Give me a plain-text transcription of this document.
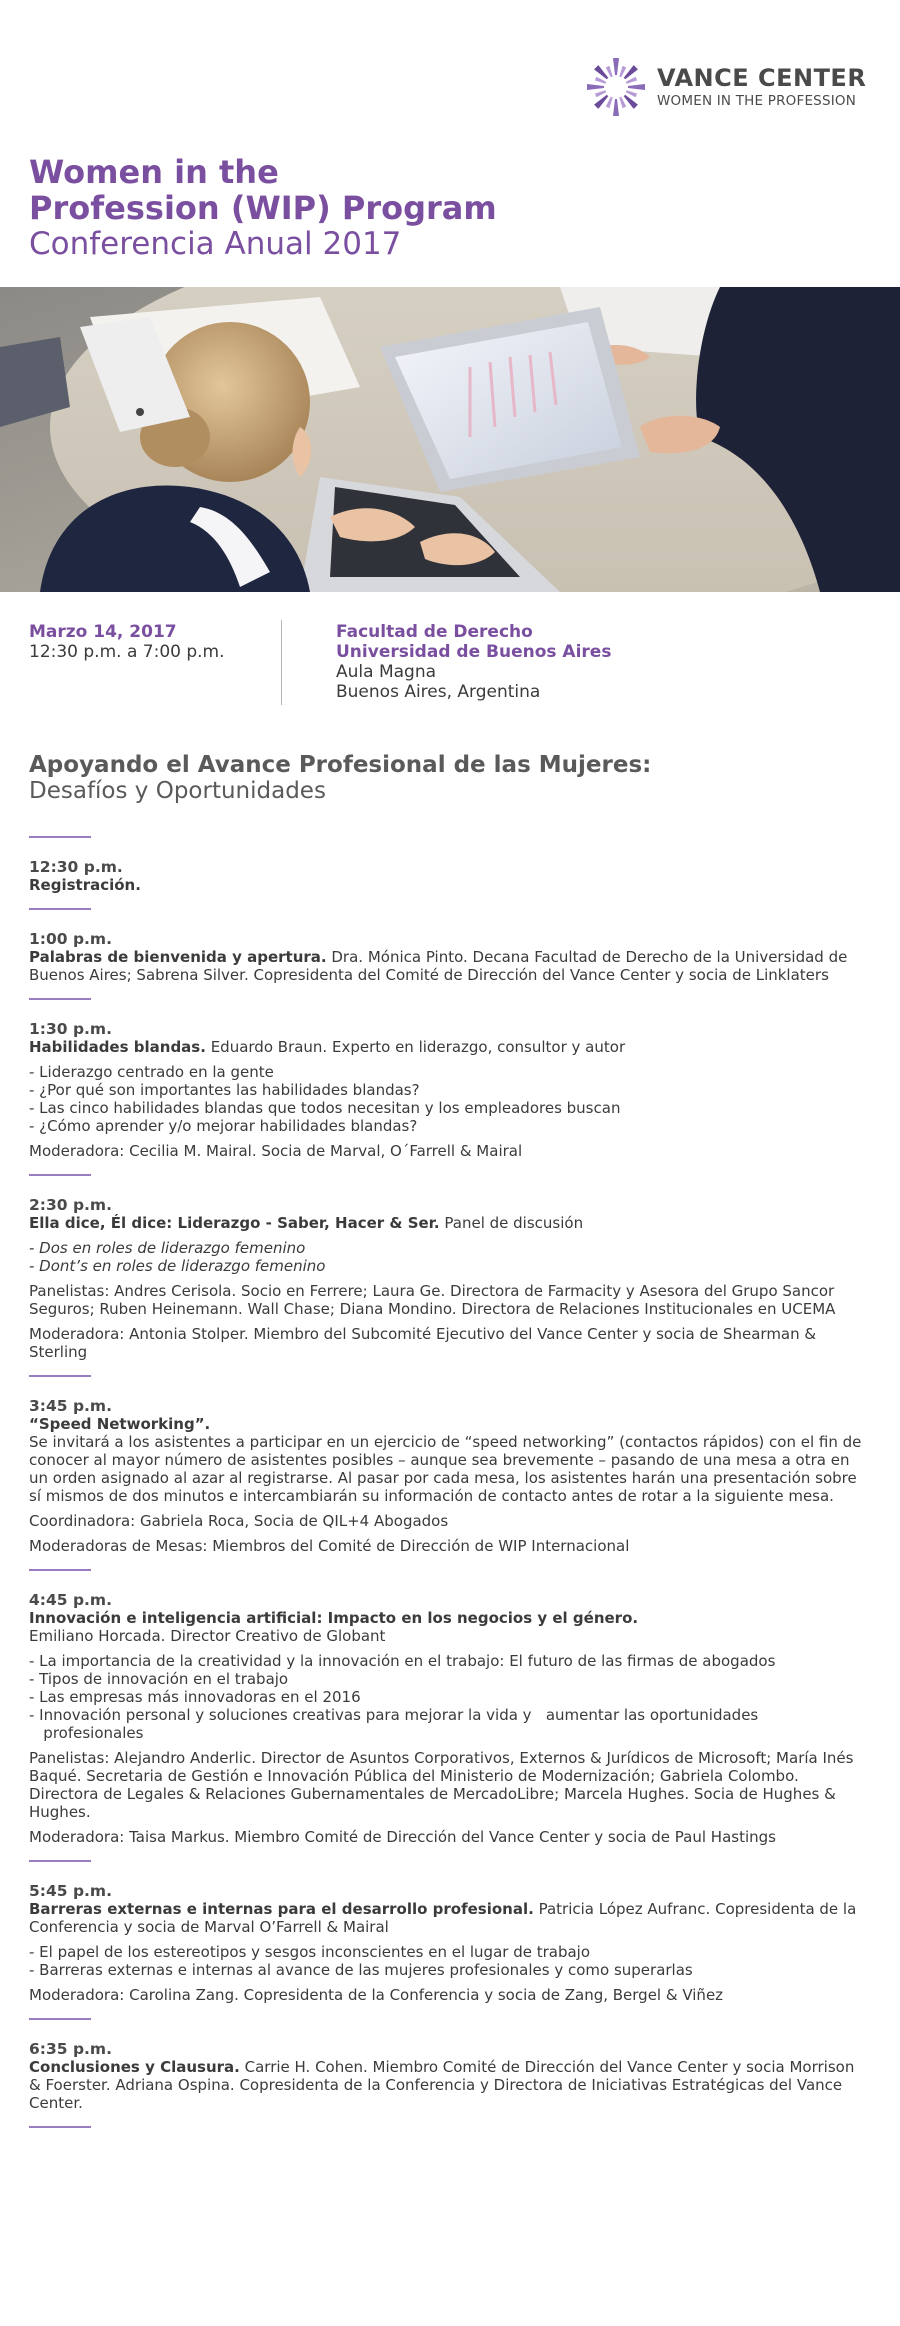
VANCE CENTER
WOMEN IN THE PROFESSION
Women in the
Profession (WIP) Program
Conferencia Anual 2017
Marzo 14, 2017
12:30 p.m. a 7:00 p.m.
Facultad de Derecho
Universidad de Buenos Aires
Aula Magna
Buenos Aires, Argentina
Apoyando el Avance Profesional de las Mujeres:
Desafíos y Oportunidades
12:30 p.m.

Registración.

1:00 p.m.

Palabras de bienvenida y apertura. Dra. Mónica Pinto. Decana Facultad de Derecho de la Universidad de Buenos Aires; Sabrena Silver. Copresidenta del Comité de Dirección del Vance Center y socia de Linklaters

1:30 p.m.

Habilidades blandas. Eduardo Braun. Experto en liderazgo, consultor y autor

- Liderazgo centrado en la gente
- ¿Por qué son importantes las habilidades blandas?
- Las cinco habilidades blandas que todos necesitan y los empleadores buscan
- ¿Cómo aprender y/o mejorar habilidades blandas?

Moderadora: Cecilia M. Mairal. Socia de Marval, O´Farrell & Mairal

2:30 p.m.

Ella dice, Él dice: Liderazgo - Saber, Hacer & Ser. Panel de discusión

- Dos en roles de liderazgo femenino
- Dont’s en roles de liderazgo femenino

Panelistas: Andres Cerisola. Socio en Ferrere; Laura Ge. Directora de Farmacity y Asesora del Grupo Sancor Seguros; Ruben Heinemann. Wall Chase; Diana Mondino. Directora de Relaciones Institucionales en UCEMA

Moderadora: Antonia Stolper. Miembro del Subcomité Ejecutivo del Vance Center y socia de Shearman & Sterling

3:45 p.m.

“Speed Networking”.

Se invitará a los asistentes a participar en un ejercicio de “speed networking” (contactos rápidos) con el fin de conocer al mayor número de asistentes posibles – aunque sea brevemente – pasando de una mesa a otra en un orden asignado al azar al registrarse. Al pasar por cada mesa, los asistentes harán una presentación sobre sí mismos de dos minutos e intercambiarán su información de contacto antes de rotar a la siguiente mesa.

Coordinadora: Gabriela Roca, Socia de QIL+4 Abogados

Moderadoras de Mesas: Miembros del Comité de Dirección de WIP Internacional

4:45 p.m.

Innovación e inteligencia artificial: Impacto en los negocios y el género.

Emiliano Horcada. Director Creativo de Globant

- La importancia de la creatividad y la innovación en el trabajo: El futuro de las firmas de abogados
- Tipos de innovación en el trabajo
- Las empresas más innovadoras en el 2016
- Innovación personal y soluciones creativas para mejorar la vida y   aumentar las oportunidades
profesionales

Panelistas: Alejandro Anderlic. Director de Asuntos Corporativos, Externos & Jurídicos de Microsoft; María Inés Baqué. Secretaria de Gestión e Innovación Pública del Ministerio de Modernización; Gabriela Colombo. Directora de Legales & Relaciones Gubernamentales de MercadoLibre; Marcela Hughes. Socia de Hughes & Hughes.

Moderadora: Taisa Markus. Miembro Comité de Dirección del Vance Center y socia de Paul Hastings

5:45 p.m.

Barreras externas e internas para el desarrollo profesional. Patricia López Aufranc. Copresidenta de la Conferencia y socia de Marval O’Farrell & Mairal

- El papel de los estereotipos y sesgos inconscientes en el lugar de trabajo
- Barreras externas e internas al avance de las mujeres profesionales y como superarlas

Moderadora: Carolina Zang. Copresidenta de la Conferencia y socia de Zang, Bergel & Viñez

6:35 p.m.

Conclusiones y Clausura. Carrie H. Cohen. Miembro Comité de Dirección del Vance Center y socia Morrison & Foerster. Adriana Ospina. Copresidenta de la Conferencia y Directora de Iniciativas Estratégicas del Vance Center.
